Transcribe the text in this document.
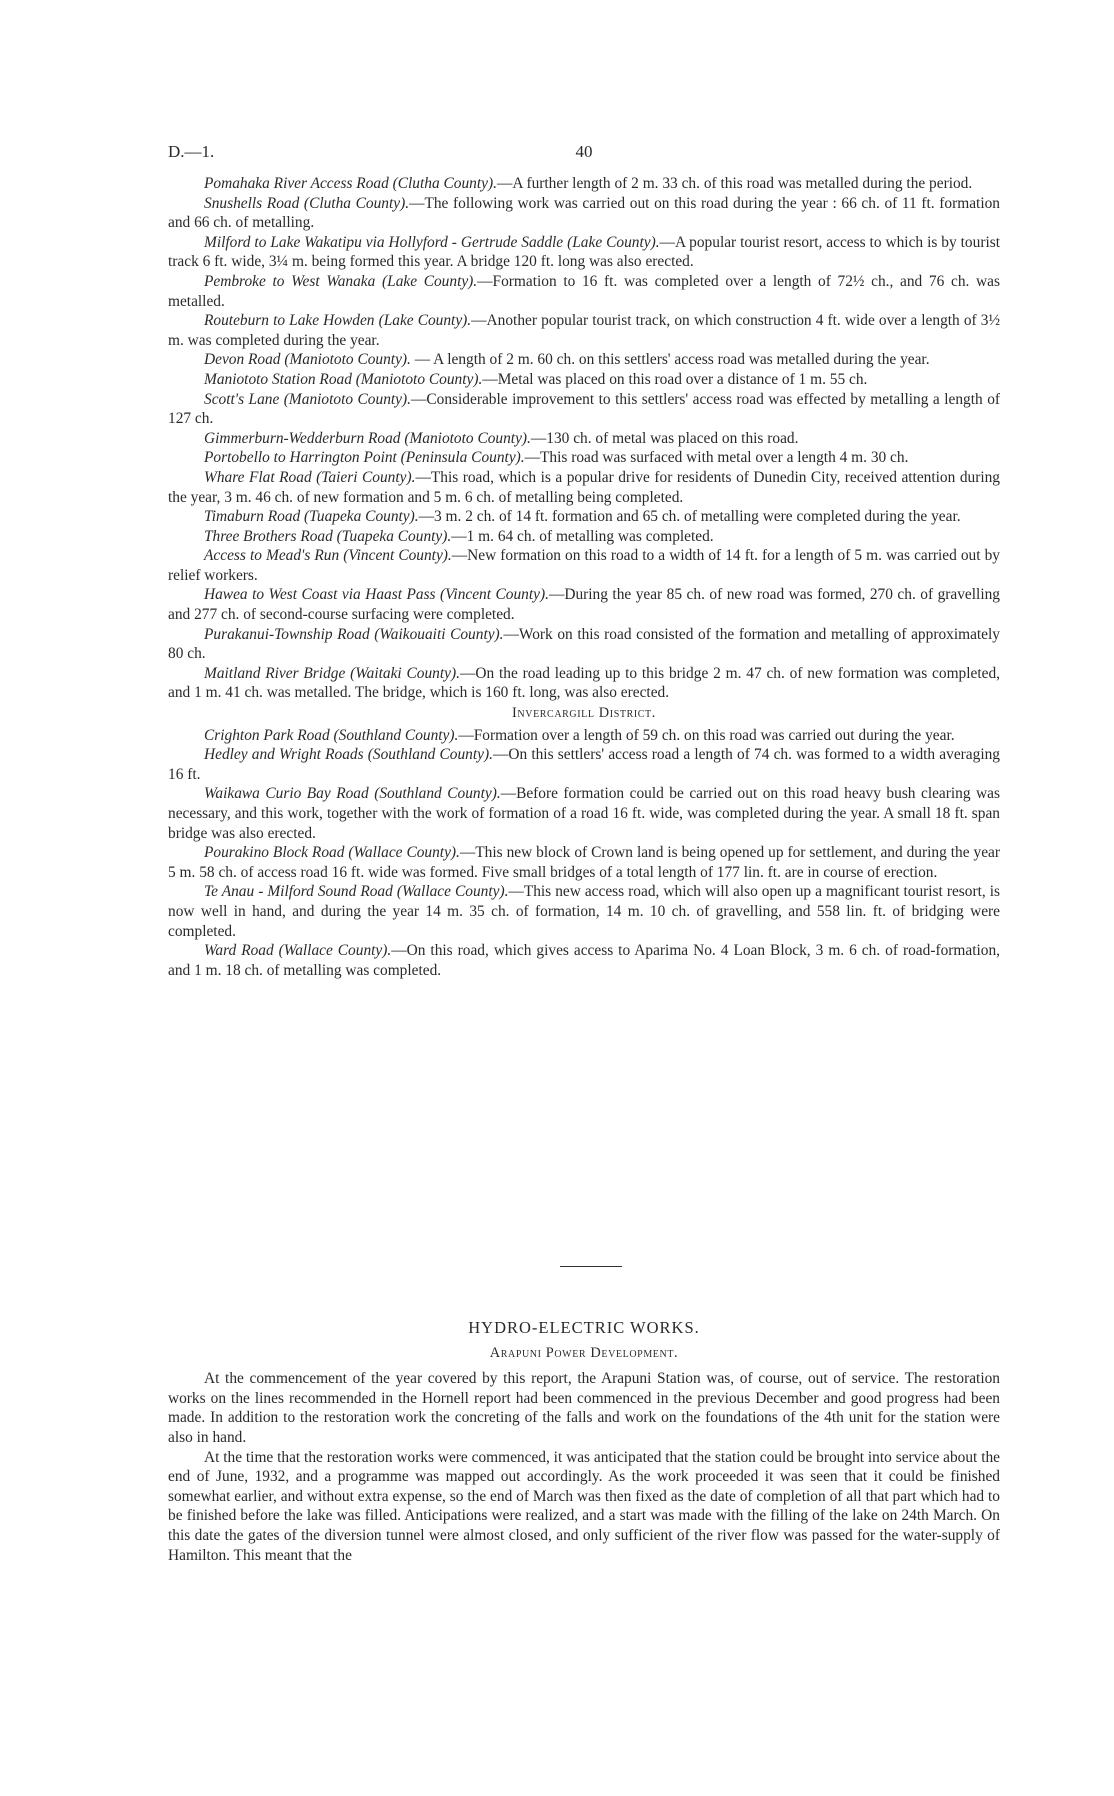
D.—1.	40

Pomahaka River Access Road (Clutha County).—A further length of 2 m. 33 ch. of this road was metalled during the period.

Snushells Road (Clutha County).—The following work was carried out on this road during the year : 66 ch. of 11 ft. formation and 66 ch. of metalling.

Milford to Lake Wakatipu via Hollyford - Gertrude Saddle (Lake County).—A popular tourist resort, access to which is by tourist track 6 ft. wide, 3¼ m. being formed this year. A bridge 120 ft. long was also erected.

Pembroke to West Wanaka (Lake County).—Formation to 16 ft. was completed over a length of 72½ ch., and 76 ch. was metalled.

Routeburn to Lake Howden (Lake County).—Another popular tourist track, on which construction 4 ft. wide over a length of 3½ m. was completed during the year.

Devon Road (Maniototo County). — A length of 2 m. 60 ch. on this settlers' access road was metalled during the year.

Maniototo Station Road (Maniototo County).—Metal was placed on this road over a distance of 1 m. 55 ch.

Scott's Lane (Maniototo County).—Considerable improvement to this settlers' access road was effected by metalling a length of 127 ch.

Gimmerburn-Wedderburn Road (Maniototo County).—130 ch. of metal was placed on this road.

Portobello to Harrington Point (Peninsula County).—This road was surfaced with metal over a length 4 m. 30 ch.

Whare Flat Road (Taieri County).—This road, which is a popular drive for residents of Dunedin City, received attention during the year, 3 m. 46 ch. of new formation and 5 m. 6 ch. of metalling being completed.

Timaburn Road (Tuapeka County).—3 m. 2 ch. of 14 ft. formation and 65 ch. of metalling were completed during the year.

Three Brothers Road (Tuapeka County).—1 m. 64 ch. of metalling was completed.

Access to Mead's Run (Vincent County).—New formation on this road to a width of 14 ft. for a length of 5 m. was carried out by relief workers.

Hawea to West Coast via Haast Pass (Vincent County).—During the year 85 ch. of new road was formed, 270 ch. of gravelling and 277 ch. of second-course surfacing were completed.

Purakanui-Township Road (Waikouaiti County).—Work on this road consisted of the formation and metalling of approximately 80 ch.

Maitland River Bridge (Waitaki County).—On the road leading up to this bridge 2 m. 47 ch. of new formation was completed, and 1 m. 41 ch. was metalled. The bridge, which is 160 ft. long, was also erected.

Invercargill District.

Crighton Park Road (Southland County).—Formation over a length of 59 ch. on this road was carried out during the year.

Hedley and Wright Roads (Southland County).—On this settlers' access road a length of 74 ch. was formed to a width averaging 16 ft.

Waikawa Curio Bay Road (Southland County).—Before formation could be carried out on this road heavy bush clearing was necessary, and this work, together with the work of formation of a road 16 ft. wide, was completed during the year. A small 18 ft. span bridge was also erected.

Pourakino Block Road (Wallace County).—This new block of Crown land is being opened up for settlement, and during the year 5 m. 58 ch. of access road 16 ft. wide was formed. Five small bridges of a total length of 177 lin. ft. are in course of erection.

Te Anau - Milford Sound Road (Wallace County).—This new access road, which will also open up a magnificant tourist resort, is now well in hand, and during the year 14 m. 35 ch. of formation, 14 m. 10 ch. of gravelling, and 558 lin. ft. of bridging were completed.

Ward Road (Wallace County).—On this road, which gives access to Aparima No. 4 Loan Block, 3 m. 6 ch. of road-formation, and 1 m. 18 ch. of metalling was completed.

HYDRO-ELECTRIC WORKS.
Arapuni Power Development.

At the commencement of the year covered by this report, the Arapuni Station was, of course, out of service. The restoration works on the lines recommended in the Hornell report had been commenced in the previous December and good progress had been made. In addition to the restoration work the concreting of the falls and work on the foundations of the 4th unit for the station were also in hand.

At the time that the restoration works were commenced, it was anticipated that the station could be brought into service about the end of June, 1932, and a programme was mapped out accordingly. As the work proceeded it was seen that it could be finished somewhat earlier, and without extra expense, so the end of March was then fixed as the date of completion of all that part which had to be finished before the lake was filled. Anticipations were realized, and a start was made with the filling of the lake on 24th March. On this date the gates of the diversion tunnel were almost closed, and only sufficient of the river flow was passed for the water-supply of Hamilton. This meant that the
